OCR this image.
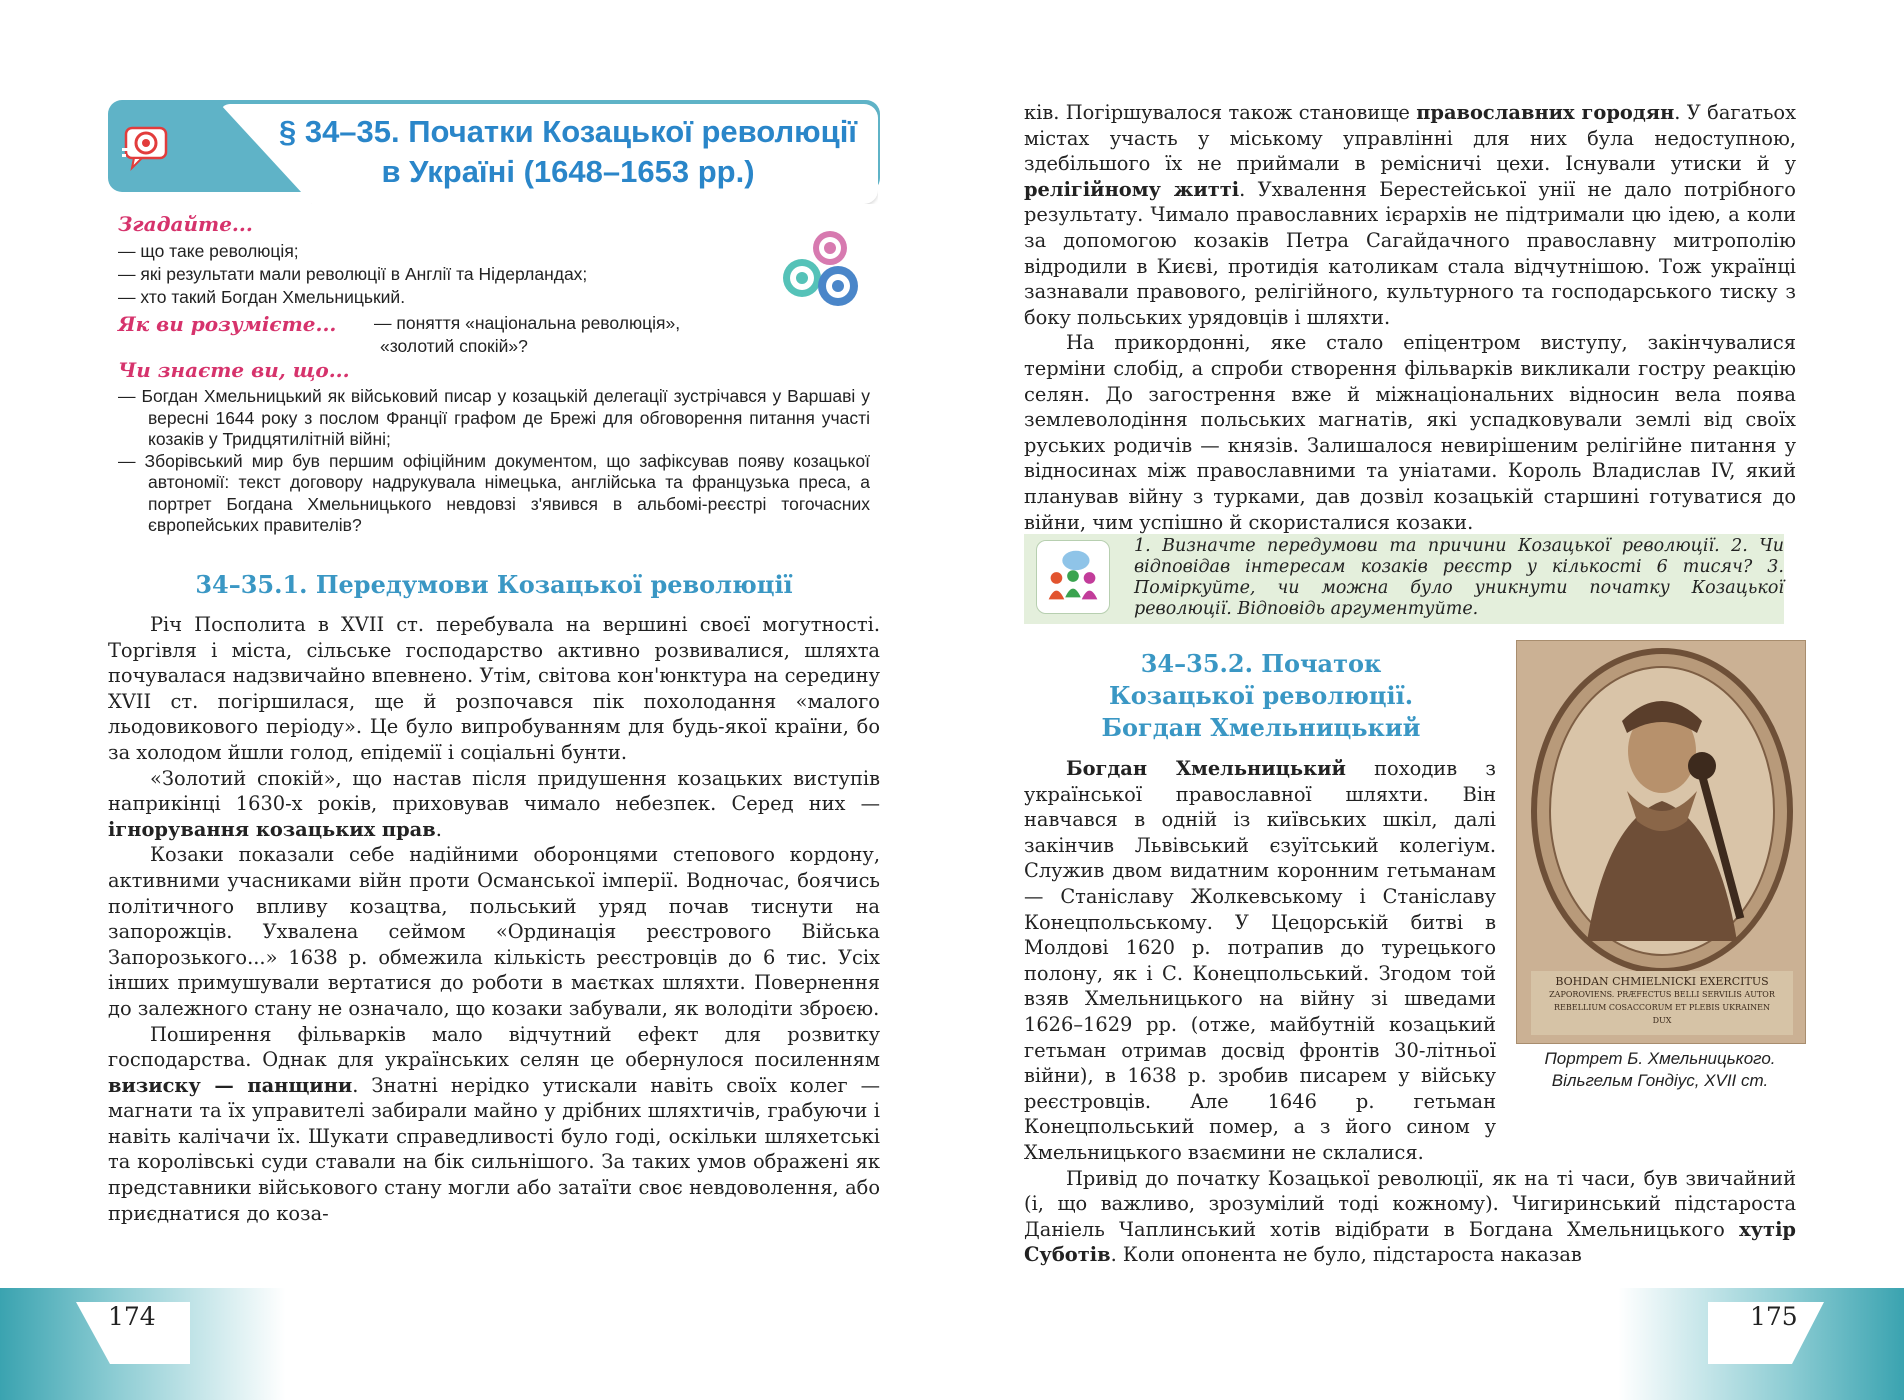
§ 34–35. Початки Козацької революції
в Україні (1648–1653 рр.)
Згадайте...
— що таке революція;
— які результати мали революції в Англії та Нідерландах;
— хто такий Богдан Хмельницький.
Як ви розумієте... — поняття «національна революція»,
«золотий спокій»?
Чи знаєте ви, що...
— Богдан Хмельницький як військовий писар у козацькій делегації зустрічався у Варшаві у вересні 1644 року з послом Франції графом де Брежі для обговорення питання участі козаків у Тридцятилітній війні;
— Зборівський мир був першим офіційним документом, що зафіксував появу козацької автономії: текст договору надрукувала німецька, англійська та французька преса, а портрет Богдана Хмельницького невдовзі з'явився в альбомі-реєстрі тогочасних європейських правителів?
34–35.1. Передумови Козацької революції

Річ Посполита в XVII ст. перебувала на вершині своєї могутності. Торгівля і міста, сільське господарство активно розвивалися, шляхта почувалася надзвичайно впевнено. Утім, світова кон'юнктура на середину XVII ст. погіршилася, ще й розпочався пік похолодання «малого льодовикового періоду». Це було випробуванням для будь-якої країни, бо за холодом йшли голод, епідемії і соціальні бунти.

«Золотий спокій», що настав після придушення козацьких виступів наприкінці 1630-х років, приховував чимало небезпек. Серед них — ігнорування козацьких прав.

Козаки показали себе надійними оборонцями степового кордону, активними учасниками війн проти Османської імперії. Водночас, боячись політичного впливу козацтва, польський уряд почав тиснути на запорожців. Ухвалена сеймом «Ординація реєстрового Війська Запорозького...» 1638 р. обмежила кількість реєстровців до 6 тис. Усіх інших примушували вертатися до роботи в маєтках шляхти. Повернення до залежного стану не означало, що козаки забували, як володіти зброєю.

Поширення фільварків мало відчутний ефект для розвитку господарства. Однак для українських селян це обернулося посиленням визиску — панщини. Знатні нерідко утискали навіть своїх колег — магнати та їх управителі забирали майно у дрібних шляхтичів, грабуючи і навіть калічачи їх. Шукати справедливості було годі, оскільки шляхетські та королівські суди ставали на бік сильнішого. За таких умов ображені як представники військового стану могли або затаїти своє невдоволення, або приєднатися до коза-

174

ків. Погіршувалося також становище православних городян. У багатьох містах участь у міському управлінні для них була недоступною, здебільшого їх не приймали в ремісничі цехи. Існували утиски й у релігійному житті. Ухвалення Берестейської унії не дало потрібного результату. Чимало православних ієрархів не підтримали цю ідею, а коли за допомогою козаків Петра Сагайдачного православну митрополію відродили в Києві, протидія католикам стала відчутнішою. Тож українці зазнавали правового, релігійного, культурного та господарського тиску з боку польських урядовців і шляхти.

На прикордонні, яке стало епіцентром виступу, закінчувалися терміни слобід, а спроби створення фільварків викликали гостру реакцію селян. До загострення вже й міжнаціональних відносин вела поява землеволодіння польських магнатів, які успадковували землі від своїх руських родичів — князів. Залишалося невирішеним релігійне питання у відносинах між православними та уніатами. Король Владислав IV, який планував війну з турками, дав дозвіл козацькій старшині готуватися до війни, чим успішно й скористалися козаки.

1. Визначте передумови та причини Козацької революції. 2. Чи відповідав інтересам козаків реєстр у кількості 6 тисяч? 3. Поміркуйте, чи можна було уникнути початку Козацької революції. Відповідь аргументуйте.
34–35.2. Початок
Козацької революції.
Богдан Хмельницький

Богдан Хмельницький походив з української православної шляхти. Він навчався в одній із київських шкіл, далі закінчив Львівський єзуїтський колегіум. Служив двом видатним коронним гетьманам — Станіславу Жолкевському і Станіславу Конецпольському. У Цецорській битві в Молдові 1620 р. потрапив до турецького полону, як і С. Конецпольський. Згодом той взяв Хмельницького на війну зі шведами 1626–1629 рр. (отже, майбутній козацький гетьман отримав досвід фронтів 30-літньої війни), в 1638 р. зробив писарем у війську реєстровців. Але 1646 р. гетьман Конецпольський помер, а з його сином у Хмельницького взаємини не склалися.

Привід до початку Козацької революції, як на ті часи, був звичайний (і, що важливо, зрозумілий тоді кожному). Чигиринський підстароста Даніель Чаплинський хотів відібрати в Богдана Хмельницького хутір Суботів. Коли опонента не було, підстароста наказав

BOHDAN CHMIELNICKI EXERCITUS
ZAPOROVIENS. PRÆFECTUS BELLI SERVILIS AUTOR
REBELLIUM COSACCORUM ET PLEBIS UKRAINEN
DUX
Портрет Б. Хмельницького.
Вільгельм Гондіус, XVII ст.
175
